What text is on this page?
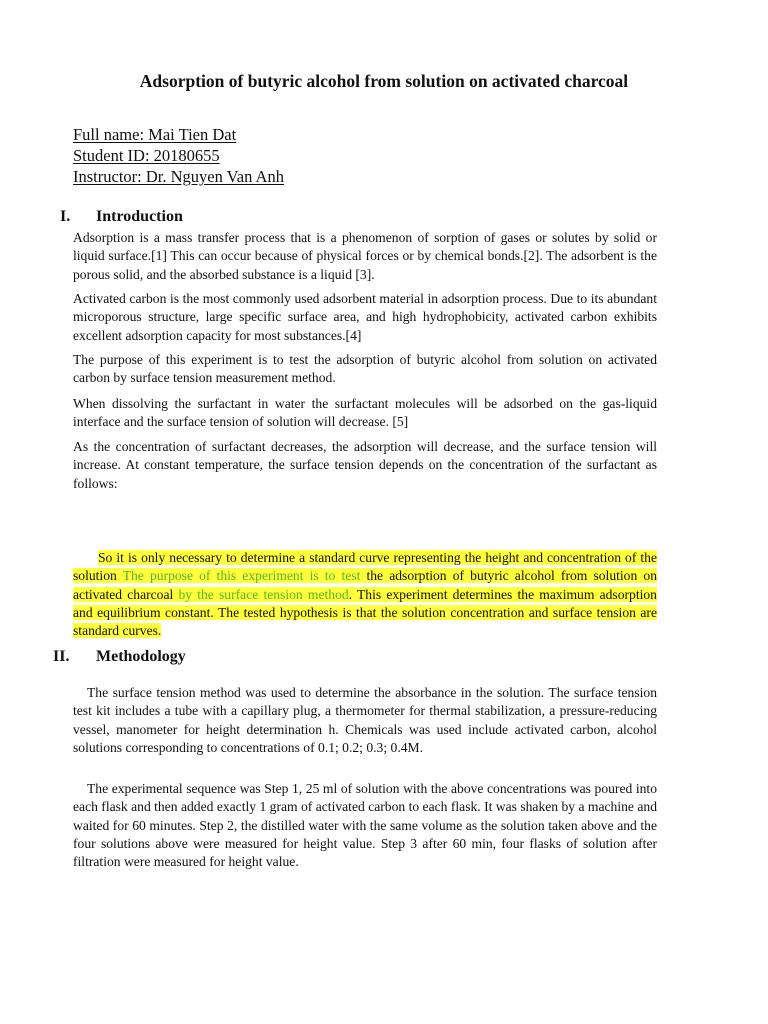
Adsorption of butyric alcohol from solution on activated charcoal
Full name: Mai Tien Dat
Student ID: 20180655
Instructor: Dr. Nguyen Van Anh
I.	Introduction

Adsorption is a mass transfer process that is a phenomenon of sorption of gases or solutes by solid or liquid surface.[1] This can occur because of physical forces or by chemical bonds.[2]. The adsorbent is the porous solid, and the absorbed substance is a liquid [3].

Activated carbon is the most commonly used adsorbent material in adsorption process. Due to its abundant microporous structure, large specific surface area, and high hydrophobicity, activated carbon exhibits excellent adsorption capacity for most substances.[4]

The purpose of this experiment is to test the adsorption of butyric alcohol from solution on activated carbon by surface tension measurement method.

When dissolving the surfactant in water the surfactant molecules will be adsorbed on the gas-liquid interface and the surface tension of solution will decrease. [5]

As the concentration of surfactant decreases, the adsorption will decrease, and the surface tension will increase. At constant temperature, the surface tension depends on the concentration of the surfactant as follows:

So it is only necessary to determine a standard curve representing the height and concentration of the solution The purpose of this experiment is to test the adsorption of butyric alcohol from solution on activated charcoal by the surface tension method. This experiment determines the maximum adsorption and equilibrium constant. The tested hypothesis is that the solution concentration and surface tension are standard curves.

II.	Methodology

The surface tension method was used to determine the absorbance in the solution. The surface tension test kit includes a tube with a capillary plug, a thermometer for thermal stabilization, a pressure-reducing vessel, manometer for height determination h. Chemicals was used include activated carbon, alcohol solutions corresponding to concentrations of 0.1; 0.2; 0.3; 0.4M.

The experimental sequence was Step 1, 25 ml of solution with the above concentrations was poured into each flask and then added exactly 1 gram of activated carbon to each flask. It was shaken by a machine and waited for 60 minutes. Step 2, the distilled water with the same volume as the solution taken above and the four solutions above were measured for height value. Step 3 after 60 min, four flasks of solution after filtration were measured for height value.
